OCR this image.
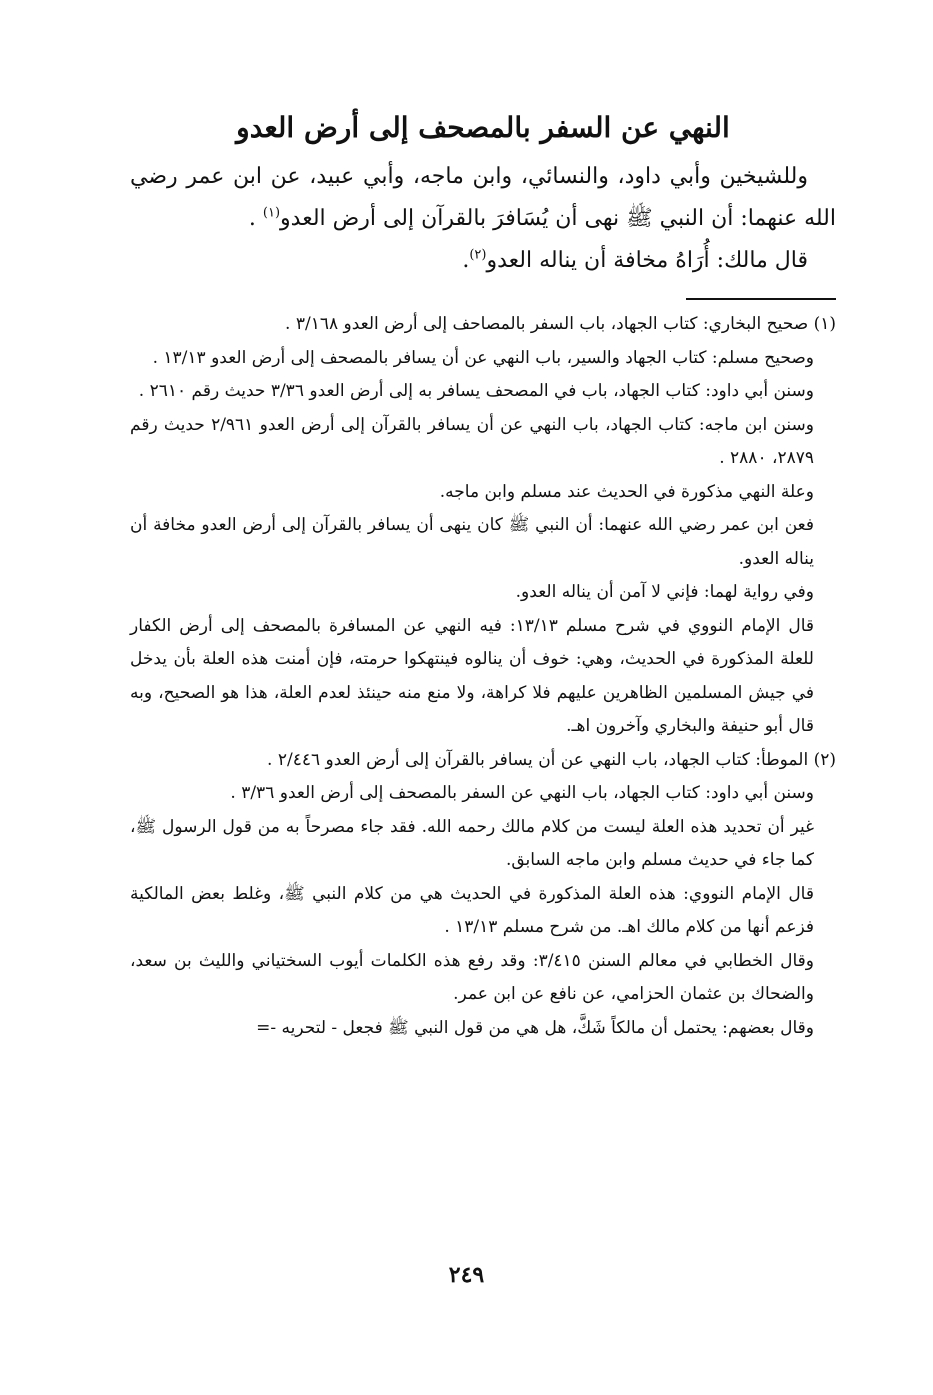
النهي عن السفر بالمصحف إلى أرض العدو

وللشيخين وأبي داود، والنسائي، وابن ماجه، وأبي عبيد، عن ابن عمر رضي الله عنهما: أن النبي ﷺ نهى أن يُسَافرَ بالقرآن إلى أرض العدو$^{(١)}$ .

قال مالك: أُرَاهُ مخافة أن يناله العدو$^{(٢)}$.

(١) صحيح البخاري: كتاب الجهاد، باب السفر بالمصاحف إلى أرض العدو ٣/١٦٨ .

وصحيح مسلم: كتاب الجهاد والسير، باب النهي عن أن يسافر بالمصحف إلى أرض العدو ١٣/١٣ .

وسنن أبي داود: كتاب الجهاد، باب في المصحف يسافر به إلى أرض العدو ٣/٣٦ حديث رقم ٢٦١٠ .

وسنن ابن ماجه: كتاب الجهاد، باب النهي عن أن يسافر بالقرآن إلى أرض العدو ٢/٩٦١ حديث رقم ٢٨٧٩، ٢٨٨٠ .

وعلة النهي مذكورة في الحديث عند مسلم وابن ماجه.

فعن ابن عمر رضي الله عنهما: أن النبي ﷺ كان ينهى أن يسافر بالقرآن إلى أرض العدو مخافة أن يناله العدو.

وفي رواية لهما: فإني لا آمن أن يناله العدو.

قال الإمام النووي في شرح مسلم ١٣/١٣: فيه النهي عن المسافرة بالمصحف إلى أرض الكفار للعلة المذكورة في الحديث، وهي: خوف أن ينالوه فينتهكوا حرمته، فإن أمنت هذه العلة بأن يدخل في جيش المسلمين الظاهرين عليهم فلا كراهة، ولا منع منه حينئذ لعدم العلة، هذا هو الصحيح، وبه قال أبو حنيفة والبخاري وآخرون اهـ.

(٢) الموطأ: كتاب الجهاد، باب النهي عن أن يسافر بالقرآن إلى أرض العدو ٢/٤٤٦ .

وسنن أبي داود: كتاب الجهاد، باب النهي عن السفر بالمصحف إلى أرض العدو ٣/٣٦ .

غير أن تحديد هذه العلة ليست من كلام مالك رحمه الله. فقد جاء مصرحاً به من قول الرسول ﷺ، كما جاء في حديث مسلم وابن ماجه السابق.

قال الإمام النووي: هذه العلة المذكورة في الحديث هي من كلام النبي ﷺ، وغلط بعض المالكية فزعم أنها من كلام مالك اهـ. من شرح مسلم ١٣/١٣ .

وقال الخطابي في معالم السنن ٣/٤١٥: وقد رفع هذه الكلمات أيوب السختياني والليث بن سعد، والضحاك بن عثمان الحزامي، عن نافع عن ابن عمر.

وقال بعضهم: يحتمل أن مالكاً شَكَّ، هل هي من قول النبي ﷺ فجعل - لتحريه -=

٢٤٩
